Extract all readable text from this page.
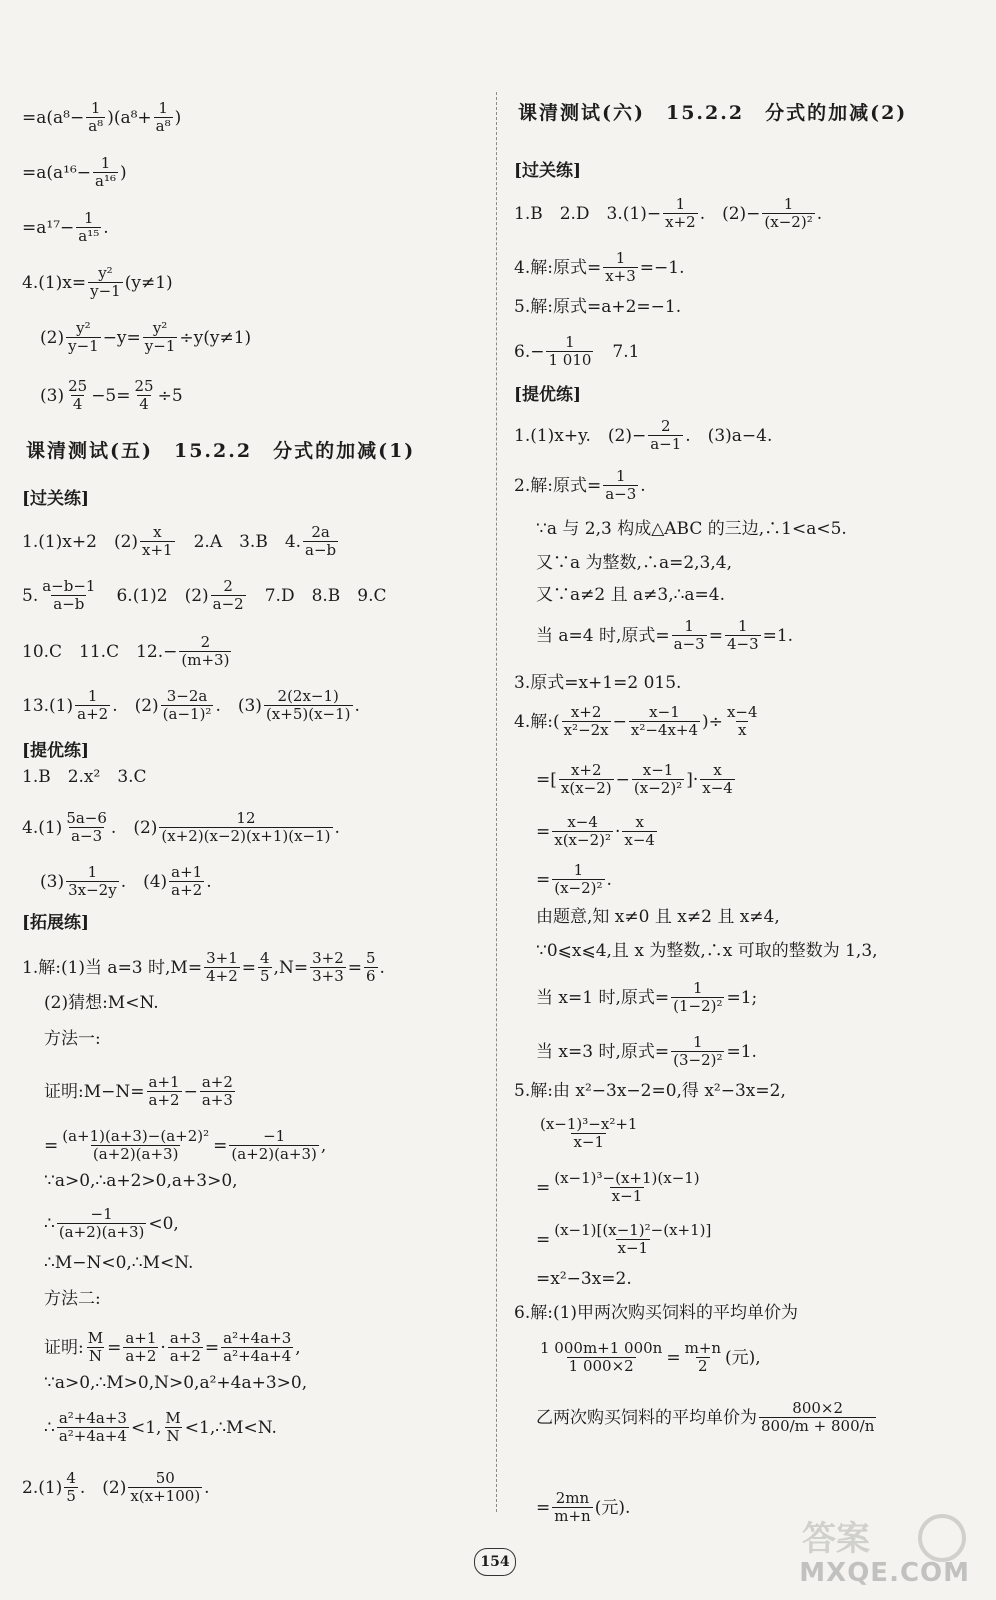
$=a(a^8- \frac{1}{\text{a⁸}} )(a^8+ \frac{1}{\text{a⁸}}$ )
$=a(a^{16}- \frac{1}{\text{a¹⁶}}$ )
$=a^{17}- \frac{1}{\text{a¹⁵}}$ .
$4.(1)x= \frac{\text{y²}}{y-1} (y\ne 1)$
$(2) \frac{\text{y²}}{y-1} -y= \frac{\text{y²}}{y-1} \div y(y\ne 1)$
$(3) \frac{25}{4} -5= \frac{25}{4} \div 5$
课清测试(五)　15.2.2　分式的加减(1)
[过关练]
1.(1)x+2　$(2) \frac{x}{x+1}$ 　2.A　3.B　4. $\frac{2a}{a-b}$
5. $\frac{a-b-1}{a-b}$ 　6.(1)2　$(2) \frac{2}{a-2}$ 　7.D　8.B　9.C
10.C　11.C　$12.- \frac{2}{(m+3)}$
$13.(1) \frac{1}{a+2}$ .　$(2) \frac{3-2a}{\text{(a−1)²}}$ .　$(3) \frac{2(2x-1)}{(x+5)(x-1)}$ .
[提优练]
1.B　2.x²　3.C
$4.(1) \frac{5a-6}{a-3}$ .　$(2) \frac{12}{(x+2)(x-2)(x+1)(x-1)}$ .
$(3) \frac{1}{3x-2y}$ .　$(4) \frac{a+1}{a+2}$ .
[拓展练]
1.解:(1)当 a=3 时$,M= \frac{3+1}{4+2} = \frac{4}{5} ,N= \frac{3+2}{3+3} = \frac{5}{6}$ .
(2)猜想:M<N.
方法一:
证明:M−N= $\frac{a+1}{a+2} - \frac{a+2}{a+3}$
= $\frac{\text{(a+1)(a+3)−(a+2)²}}{(a+2)(a+3)} = \frac{-1}{(a+2)(a+3)}$ ,
∵a>0,∴a+2>0,a+3>0,
∴ $\frac{-1}{(a+2)(a+3)} <0$,
∴M−N<0,∴M<N.
方法二:
证明: $\frac{M}{N} = \frac{a+1}{a+2} \cdot \frac{a+3}{a+2} = \frac{\text{a²+4a+3}}{\text{a²+4a+4}}$ ,
∵a>0,∴M>0,N>0,a²+4a+3>0,
∴ $\frac{\text{a²+4a+3}}{\text{a²+4a+4}} <1$, $\frac{M}{N}$ <1,∴M<N.
$2.(1) \frac{4}{5}$ .　$(2) \frac{50}{x(x+100)}$ .
课清测试(六)　15.2.2　分式的加减(2)
[过关练]
1.B　2.D　$3.(1)- \frac{1}{x+2}$ .　$(2)- \frac{1}{\text{(x−2)²}}$ .
4.解:原式= $\frac{1}{x+3} =-1$.
5.解:原式=a+2=−1.
$6.- \frac{1}{1 010}$ 　7.1
[提优练]
1.(1)x+y.　$(2)- \frac{2}{a-1}$ .　(3)a−4.
2.解:原式= $\frac{1}{a-3}$ .
∵a 与 2,3 构成△ABC 的三边,∴1<a<5.
又∵a 为整数,∴a=2,3,4,
又∵a≠2 且 a≠3,∴a=4.
当 a=4 时,原式= $\frac{1}{a-3} = \frac{1}{4-3} =1$.
3.原式=x+1=2 015.
4.解:( $\frac{x+2}{\text{x²−2x}} - \frac{x-1}{\text{x²−4x+4}}$ )÷ $\frac{x-4}{x}$
=[ $\frac{x+2}{x(x-2)} - \frac{x-1}{\text{(x−2)²}}$ ]· $\frac{x}{x-4}$
= $\frac{x-4}{\text{x(x−2)²}} \cdot \frac{x}{x-4}$
= $\frac{1}{\text{(x−2)²}}$ .
由题意,知 x≠0 且 x≠2 且 x≠4,
∵0⩽x⩽4,且 x 为整数,∴x 可取的整数为 1,3,
当 x=1 时,原式= $\frac{1}{\text{(1−2)²}} =1$;
当 x=3 时,原式= $\frac{1}{\text{(3−2)²}} =1$.
5.解:由 x²−3x−2=0,得 x²−3x=2,
$\frac{\text{(x−1)³−x²+1}}{x-1}$
= $\frac{\text{(x−1)³−(x+1)(x−1)}}{x-1}$
= $\frac{\text{(x−1)[(x−1)²−(x+1)]}}{x-1}$
=x²−3x=2.
6.解:(1)甲两次购买饲料的平均单价为
$\frac{1 000m+1 000n}{1 000\times 2} = \frac{m+n}{2}$ (元),
乙两次购买饲料的平均单价为 $\frac{800\times 2}{800/m + 800/n}$
= $\frac{2mn}{m+n}$ (元).
154
答案
MXQE.COM
